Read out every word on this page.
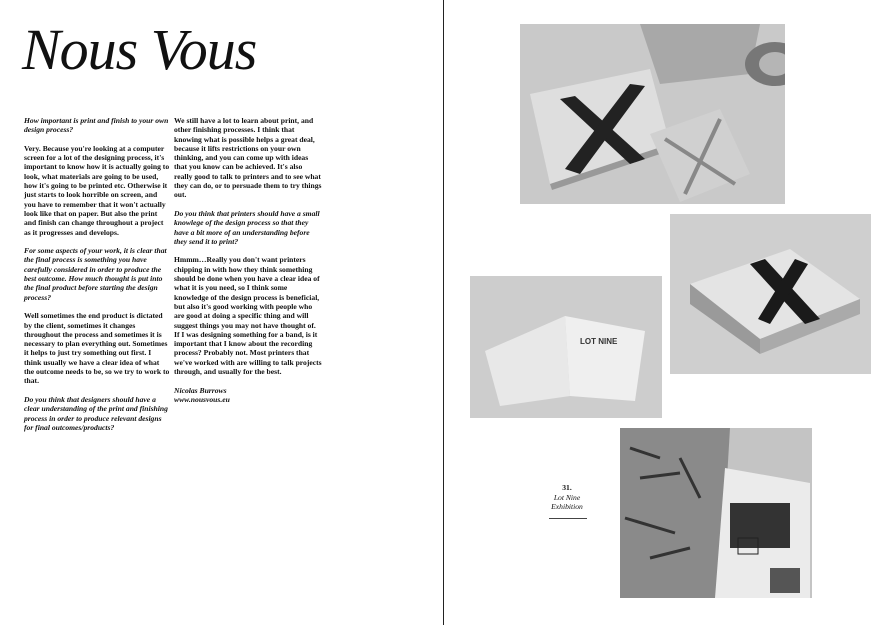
Nous Vous

How important is print and finish to your own design process?

Very. Because you're looking at a computer screen for a lot of the designing process, it's important to know how it is actually going to look, what materials are going to be used, how it's going to be printed etc. Otherwise it just starts to look horrible on screen, and you have to remember that it won't actually look like that on paper. But also the print and finish can change throughout a project as it progresses and develops.

For some aspects of your work, it is clear that the final process is something you have carefully considered in order to produce the best outcome. How much thought is put into the final product before starting the design process?

Well sometimes the end product is dictated by the client, sometimes it changes throughout the process and sometimes it is necessary to plan everything out. Sometimes it helps to just try something out first. I think usually we have a clear idea of what the outcome needs to be, so we try to work to that.

Do you think that designers should have a clear understanding of the print and finishing process in order to produce relevant designs for final outcomes/products?

We still have a lot to learn about print, and other finishing processes. I think that knowing what is possible helps a great deal, because it lifts restrictions on your own thinking, and you can come up with ideas that you know can be achieved. It's also really good to talk to printers and to see what they can do, or to persuade them to try things out.

Do you think that printers should have a small knowlege of the design process so that they have a bit more of an understanding before they send it to print?

Hmmm…Really you don't want printers chipping in with how they think something should be done when you have a clear idea of what it is you need, so I think some knowledge of the design process is beneficial, but also it's good working with people who are good at doing a specific thing and will suggest things you may not have thought of. If I was designing something for a band, is it important that I know about the recording process? Probably not. Most printers that we've worked with are willing to talk projects through, and usually for the best.

Nicolas Burrows

www.nousvous.eu

LOT NINE
31.
Lot Nine
Exhibition
